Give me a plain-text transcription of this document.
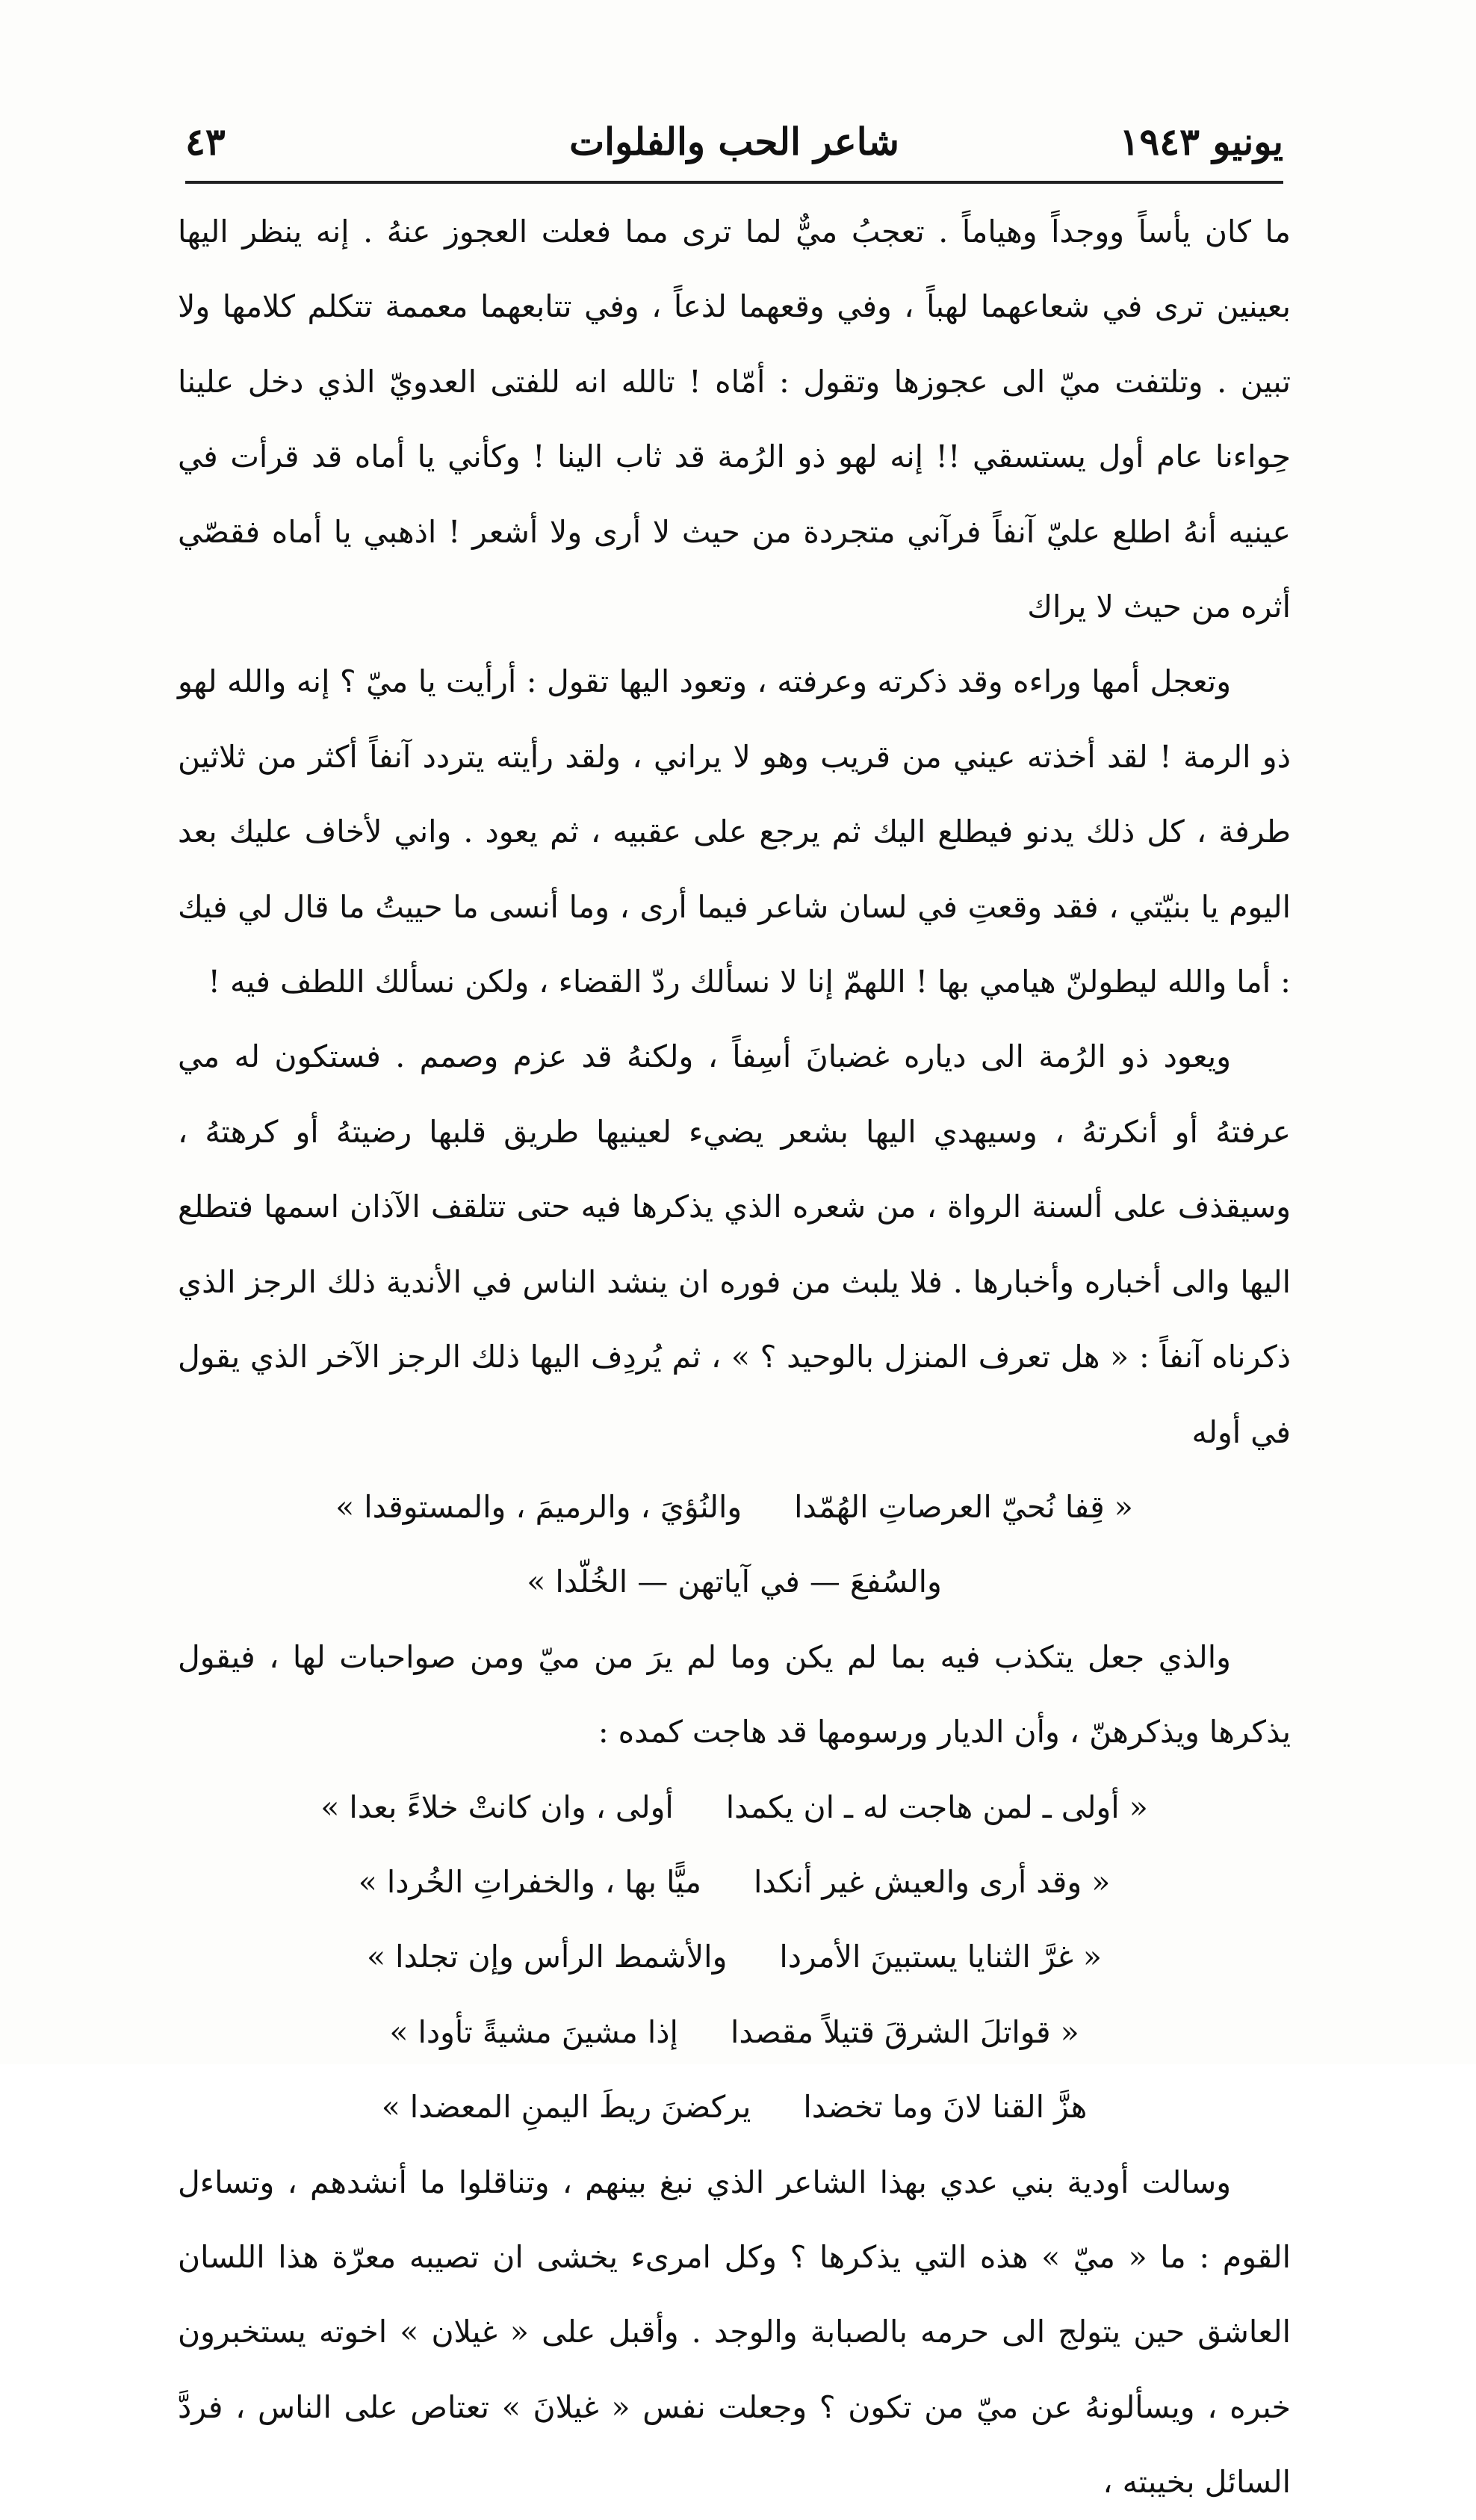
يونيو ١٩٤٣
شاعر الحب والفلوات
٤٣

ما كان يأساً ووجداً وهياماً . تعجبُ ميٌّ لما ترى مما فعلت العجوز عنهُ . إنه ينظر اليها بعينين ترى في شعاعهما لهباً ، وفي وقعهما لذعاً ، وفي تتابعهما معممة تتكلم كلامها ولا تبين . وتلتفت ميّ الى عجوزها وتقول : أمّاه ! تالله انه للفتى العدويّ الذي دخل علينا حِواءنا عام أول يستسقي !! إنه لهو ذو الرُمة قد ثاب الينا ! وكأني يا أماه قد قرأت في عينيه أنهُ اطلع عليّ آنفاً فرآني متجردة من حيث لا أرى ولا أشعر ! اذهبي يا أماه فقصّي أثره من حيث لا يراك

وتعجل أمها وراءه وقد ذكرته وعرفته ، وتعود اليها تقول : أرأيت يا ميّ ؟ إنه والله لهو ذو الرمة ! لقد أخذته عيني من قريب وهو لا يراني ، ولقد رأيته يتردد آنفاً أكثر من ثلاثين طرفة ، كل ذلك يدنو فيطلع اليك ثم يرجع على عقبيه ، ثم يعود . واني لأخاف عليك بعد اليوم يا بنيّتي ، فقد وقعتِ في لسان شاعر فيما أرى ، وما أنسى ما حييتُ ما قال لي فيك : أما والله ليطولنّ هيامي بها ! اللهمّ إنا لا نسألك ردّ القضاء ، ولكن نسألك اللطف فيه !

ويعود ذو الرُمة الى دياره غضبانَ أسِفاً ، ولكنهُ قد عزم وصمم . فستكون له مي عرفتهُ أو أنكرتهُ ، وسيهدي اليها بشعر يضيء لعينيها طريق قلبها رضيتهُ أو كرهتهُ ، وسيقذف على ألسنة الرواة ، من شعره الذي يذكرها فيه حتى تتلقف الآذان اسمها فتطلع اليها والى أخباره وأخبارها . فلا يلبث من فوره ان ينشد الناس في الأندية ذلك الرجز الذي ذكرناه آنفاً : « هل تعرف المنزل بالوحيد ؟ » ، ثم يُردِف اليها ذلك الرجز الآخر الذي يقول في أوله

« قِفا نُحيّ العرصاتِ الهُمّدا
والنُؤيَ ، والرميمَ ، والمستوقدا »
والسُفعَ — في آياتهن — الخُلّدا »

والذي جعل يتكذب فيه بما لم يكن وما لم يرَ من ميّ ومن صواحبات لها ، فيقول يذكرها ويذكرهنّ ، وأن الديار ورسومها قد هاجت كمده :

« أولى ـ لمن هاجت له ـ ان يكمدا
أولى ، وان كانتْ خلاءً بعدا »
« وقد أرى والعيش غير أنكدا
ميًّا بها ، والخفراتِ الخُردا »
« غرَّ الثنايا يستبينَ الأمردا
والأشمط الرأس وإن تجلدا »
« قواتلَ الشرقَ قتيلاً مقصدا
إذا مشينَ مشيةً تأودا »
هزَّ القنا لانَ وما تخضدا
يركضنَ ريطَ اليمنِ المعضدا »

وسالت أودية بني عدي بهذا الشاعر الذي نبغ بينهم ، وتناقلوا ما أنشدهم ، وتساءل القوم : ما « ميّ » هذه التي يذكرها ؟ وكل امرىء يخشى ان تصيبه معرّة هذا اللسان العاشق حين يتولج الى حرمه بالصبابة والوجد . وأقبل على « غيلان » اخوته يستخبرون خبره ، ويسألونهُ عن ميّ من تكون ؟ وجعلت نفس « غيلانَ » تعتاص على الناس ، فردَّ السائل بخيبته ،
